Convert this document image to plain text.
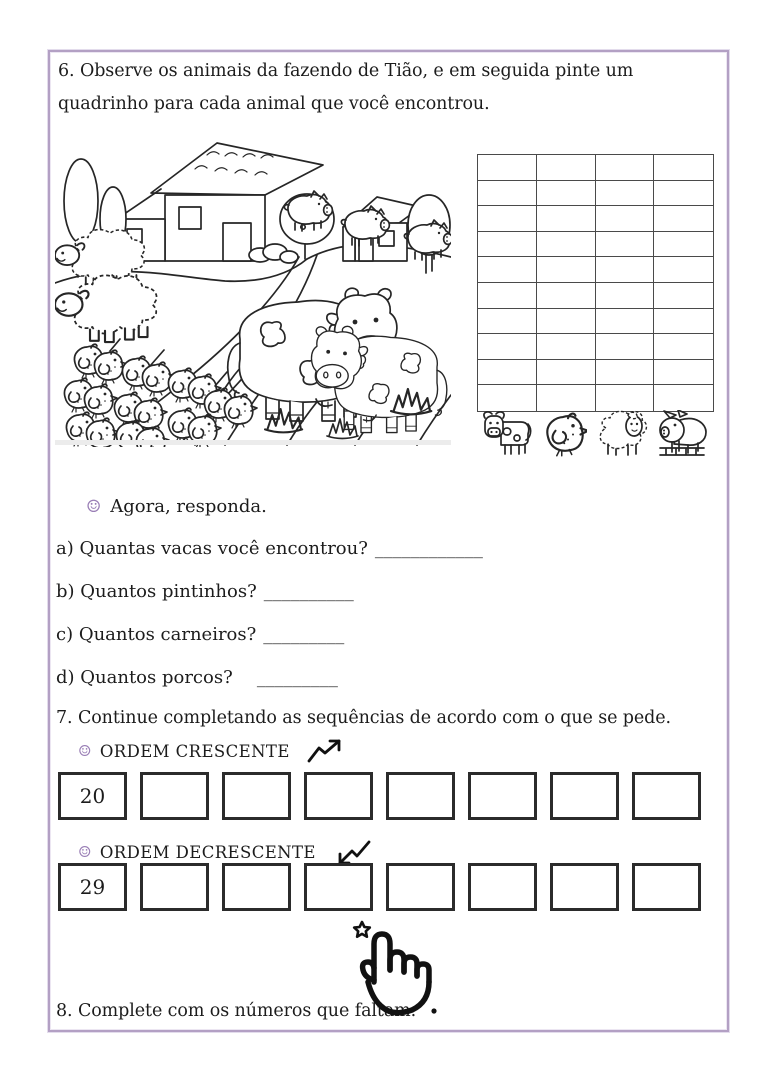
6. Observe os animais da fazendo de Tião, e em seguida pinte um quadrinho para cada animal que você encontrou.

☺ Agora, responda.

a) Quantas vacas você encontrou? ____________

b) Quantos pintinhos? __________

c) Quantos carneiros? _________

d) Quantos porcos?   _________

7. Continue completando as sequências de acordo com o que se pede.

☺ ORDEM CRESCENTE
20
☺ ORDEM DECRESCENTE
29

8. Complete com os números que faltam.
